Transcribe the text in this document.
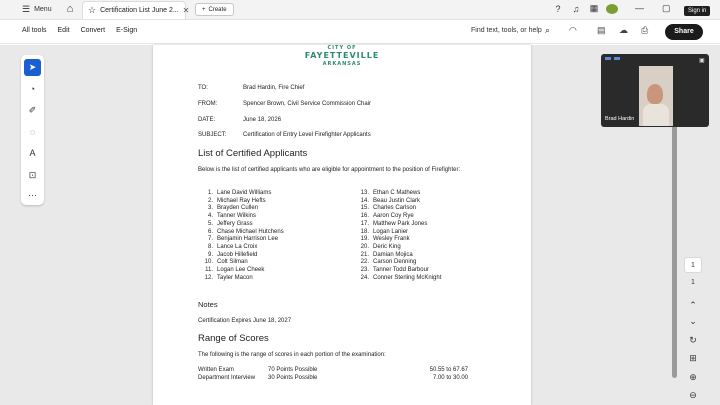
☰ Menu	⌂	☆ Certification List June 2... ✕ + Create	?	♫ ▦	— ▢	Sign in
All tools Edit Convert E-Sign	Find text, tools, or help ⌕ ◠ ▤ ☁ ⎙	Share
➤
◔
✐
◌
A
⊡
⋯
CITY OF
FAYETTEVILLE
ARKANSAS
TO:	Brad Hardin, Fire Chief
FROM:	Spencer Brown, Civil Service Commission Chair
DATE:	June 18, 2026
SUBJECT:	Certification of Entry Level Firefighter Applicants
List of Certified Applicants
Below is the list of certified applicants who are eligible for appointment to the position of Firefighter:
1. Lane David Williams
2. Michael Ray Hefts
3. Brayden Cullen
4. Tanner Wilkins
5. Jeffery Grass
6. Chase Michael Hutchens
7. Benjamin Harrison Lee
8. Lance La Croix
9. Jacob Hillefield
10. Colt Silman
11. Logan Lee Cheek
12. Tayler Macon
13. Ethan C Mathews
14. Beau Justin Clark
15. Charles Carlson
16. Aaron Coy Rye
17. Matthew Park Jones
18. Logan Lanier
19. Wesley Frank
20. Deric King
21. Damian Mojica
22. Carson Denning
23. Tanner Todd Barbour
24. Conner Sterling McKnight
Notes
Certification Expires June 18, 2027
Range of Scores
The following is the range of scores in each portion of the examination:
Written Exam	70 Points Possible	50.55 to 67.67
Department Interview 30 Points Possible	7.00 to 30.00
1
1
⌃
⌄
↻
⊞
⊕
⊖
▣
Brad Hardin
